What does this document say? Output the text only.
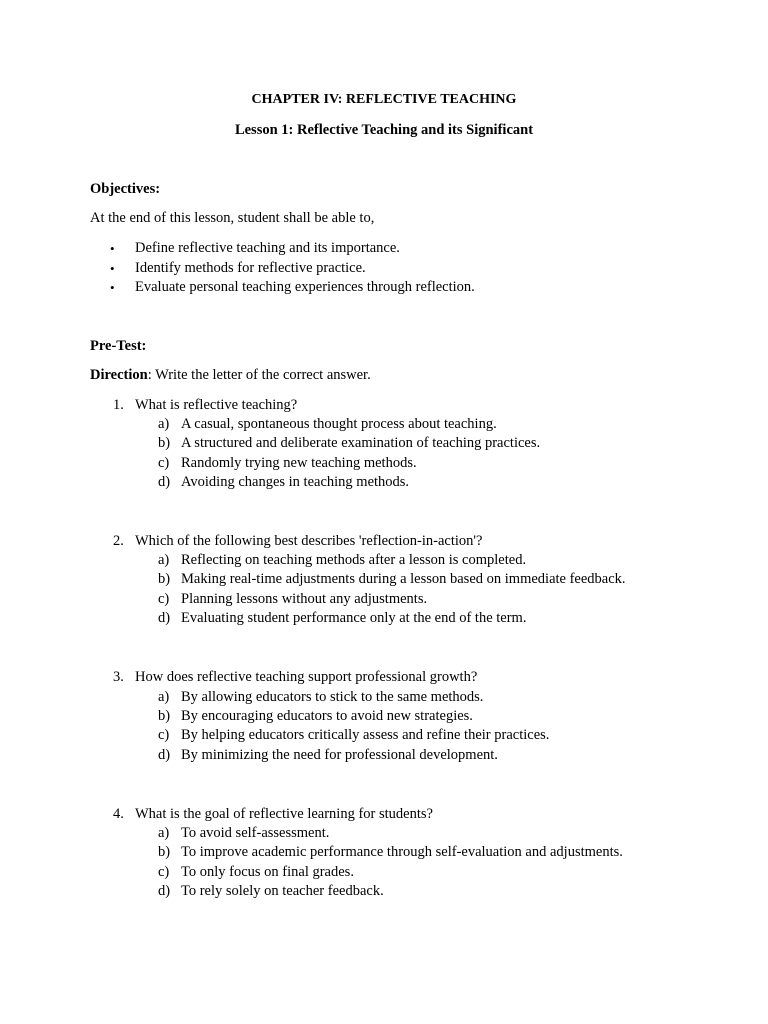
CHAPTER IV: REFLECTIVE TEACHING
Lesson 1: Reflective Teaching and its Significant
Objectives:
At the end of this lesson, student shall be able to,
• Define reflective teaching and its importance.
• Identify methods for reflective practice.
• Evaluate personal teaching experiences through reflection.
Pre-Test:
Direction: Write the letter of the correct answer.
1. What is reflective teaching?
a) A casual, spontaneous thought process about teaching.
b) A structured and deliberate examination of teaching practices.
c) Randomly trying new teaching methods.
d) Avoiding changes in teaching methods.
2. Which of the following best describes 'reflection-in-action'?
a) Reflecting on teaching methods after a lesson is completed.
b) Making real-time adjustments during a lesson based on immediate feedback.
c) Planning lessons without any adjustments.
d) Evaluating student performance only at the end of the term.
3. How does reflective teaching support professional growth?
a) By allowing educators to stick to the same methods.
b) By encouraging educators to avoid new strategies.
c) By helping educators critically assess and refine their practices.
d) By minimizing the need for professional development.
4. What is the goal of reflective learning for students?
a) To avoid self-assessment.
b) To improve academic performance through self-evaluation and adjustments.
c) To only focus on final grades.
d) To rely solely on teacher feedback.
